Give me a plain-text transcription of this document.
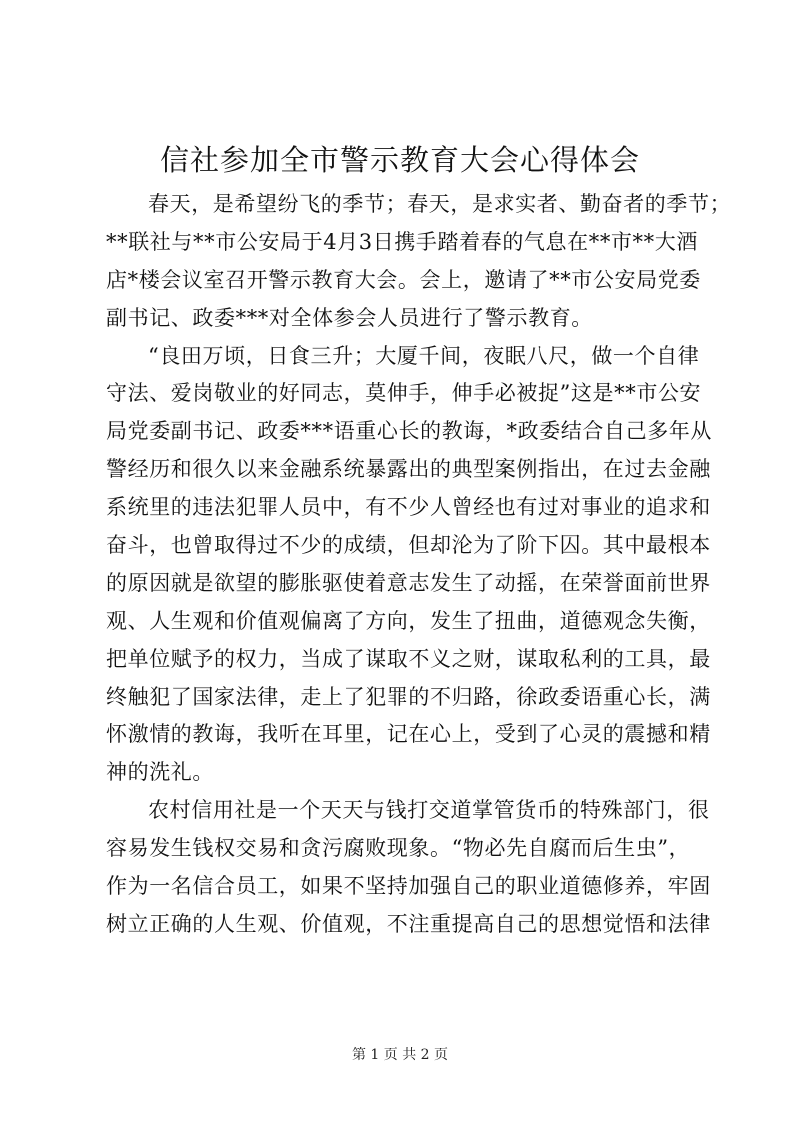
信社参加全市警示教育大会心得体会
春天，是希望纷飞的季节；春天，是求实者、勤奋者的季节；
**联社与**市公安局于4月3日携手踏着春的气息在**市**大酒
店*楼会议室召开警示教育大会。会上，邀请了**市公安局党委
副书记、政委***对全体参会人员进行了警示教育。
“良田万顷，日食三升；大厦千间，夜眠八尺，做一个自律
守法、爱岗敬业的好同志，莫伸手，伸手必被捉”这是**市公安
局党委副书记、政委***语重心长的教诲，*政委结合自己多年从
警经历和很久以来金融系统暴露出的典型案例指出，在过去金融
系统里的违法犯罪人员中，有不少人曾经也有过对事业的追求和
奋斗，也曾取得过不少的成绩，但却沦为了阶下囚。其中最根本
的原因就是欲望的膨胀驱使着意志发生了动摇，在荣誉面前世界
观、人生观和价值观偏离了方向，发生了扭曲，道德观念失衡，
把单位赋予的权力，当成了谋取不义之财，谋取私利的工具，最
终触犯了国家法律，走上了犯罪的不归路，徐政委语重心长，满
怀激情的教诲，我听在耳里，记在心上，受到了心灵的震撼和精
神的洗礼。
农村信用社是一个天天与钱打交道掌管货币的特殊部门，很
容易发生钱权交易和贪污腐败现象。“物必先自腐而后生虫”，
作为一名信合员工，如果不坚持加强自己的职业道德修养，牢固
树立正确的人生观、价值观，不注重提高自己的思想觉悟和法律
第 1 页 共 2 页
